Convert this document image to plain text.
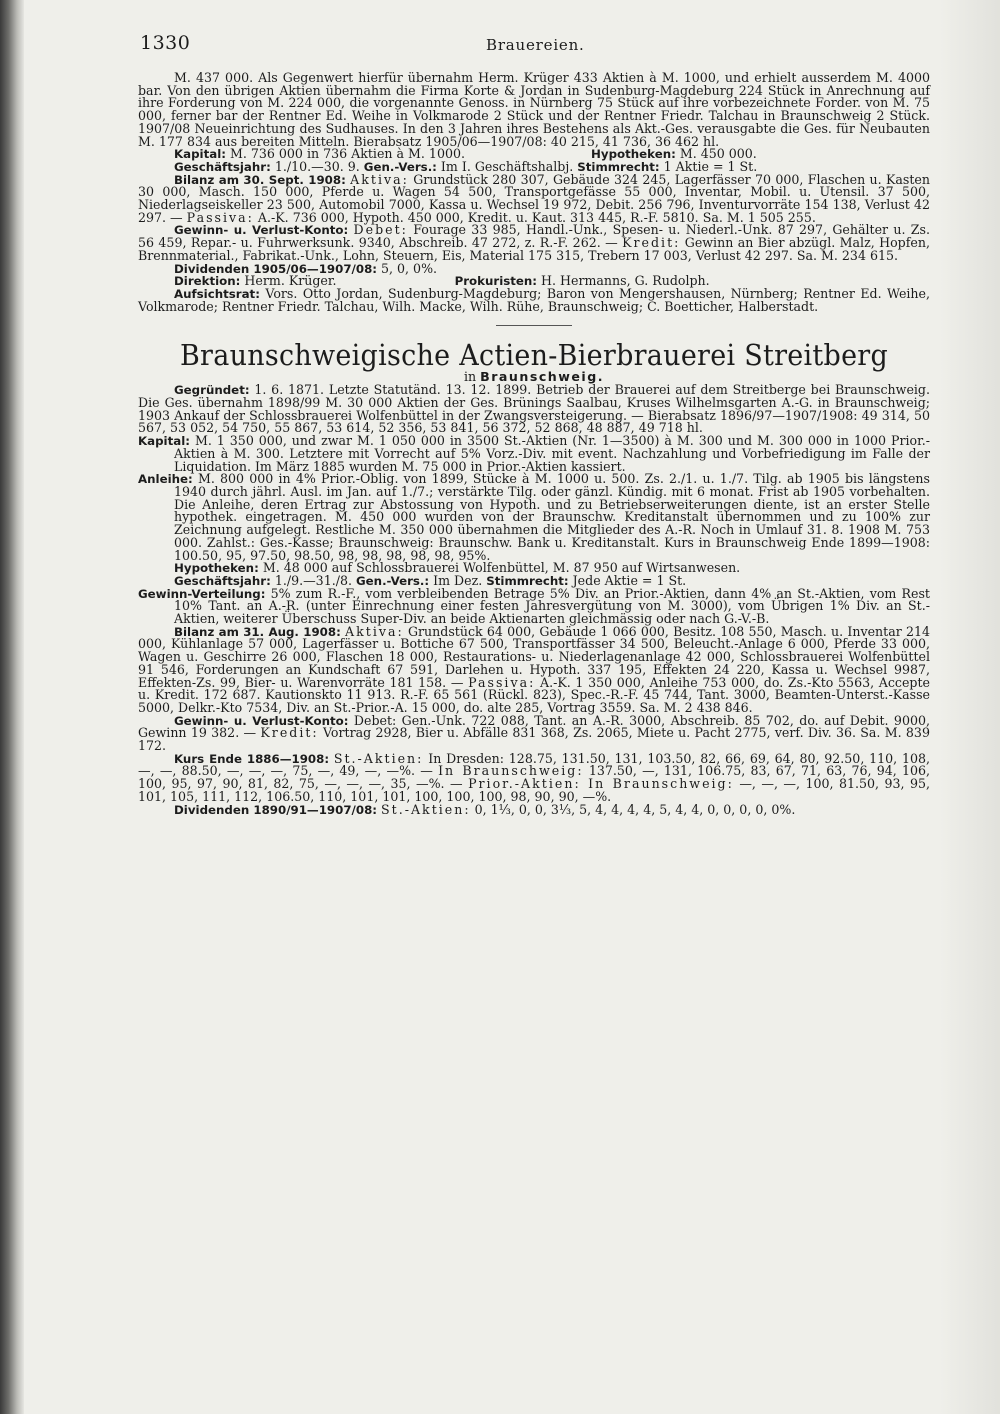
1330	Brauereien.

M. 437 000. Als Gegenwert hierfür übernahm Herm. Krüger 433 Aktien à M. 1000, und erhielt ausserdem M. 4000 bar. Von den übrigen Aktien übernahm die Firma Korte & Jordan in Sudenburg-Magdeburg 224 Stück in Anrechnung auf ihre Forderung von M. 224 000, die vorgenannte Genoss. in Nürnberg 75 Stück auf ihre vorbezeichnete Forder. von M. 75 000, ferner bar der Rentner Ed. Weihe in Volkmarode 2 Stück und der Rentner Friedr. Talchau in Braunschweig 2 Stück. 1907/08 Neueinrichtung des Sudhauses. In den 3 Jahren ihres Bestehens als Akt.-Ges. verausgabte die Ges. für Neubauten M. 177 834 aus bereiten Mitteln. Bierabsatz 1905/06—1907/08: 40 215, 41 736, 36 462 hl.

Kapital: M. 736 000 in 736 Aktien à M. 1000.	Hypotheken: M. 450 000.

Geschäftsjahr: 1./10.—30. 9. Gen.-Vers.: Im I. Geschäftshalbj. Stimmrecht: 1 Aktie = 1 St.

Bilanz am 30. Sept. 1908: Aktiva: Grundstück 280 307, Gebäude 324 245, Lagerfässer 70 000, Flaschen u. Kasten 30 000, Masch. 150 000, Pferde u. Wagen 54 500, Transportgefässe 55 000, Inventar, Mobil. u. Utensil. 37 500, Niederlagseiskeller 23 500, Automobil 7000, Kassa u. Wechsel 19 972, Debit. 256 796, Inventurvorräte 154 138, Verlust 42 297. — Passiva: A.-K. 736 000, Hypoth. 450 000, Kredit. u. Kaut. 313 445, R.-F. 5810. Sa. M. 1 505 255.

Gewinn- u. Verlust-Konto: Debet: Fourage 33 985, Handl.-Unk., Spesen- u. Niederl.-Unk. 87 297, Gehälter u. Zs. 56 459, Repar.- u. Fuhrwerksunk. 9340, Abschreib. 47 272, z. R.-F. 262. — Kredit: Gewinn an Bier abzügl. Malz, Hopfen, Brennmaterial., Fabrikat.-Unk., Lohn, Steuern, Eis, Material 175 315, Trebern 17 003, Verlust 42 297. Sa. M. 234 615.

Dividenden 1905/06—1907/08: 5, 0, 0%.

Direktion: Herm. Krüger.	Prokuristen: H. Hermanns, G. Rudolph.

Aufsichtsrat: Vors. Otto Jordan, Sudenburg-Magdeburg; Baron von Mengershausen, Nürnberg; Rentner Ed. Weihe, Volkmarode; Rentner Friedr. Talchau, Wilh. Macke, Wilh. Rühe, Braunschweig; C. Boetticher, Halberstadt.

Braunschweigische Actien-Bierbrauerei Streitberg

in Braunschweig.

Gegründet: 1. 6. 1871. Letzte Statutänd. 13. 12. 1899. Betrieb der Brauerei auf dem Streitberge bei Braunschweig. Die Ges. übernahm 1898/99 M. 30 000 Aktien der Ges. Brünings Saalbau, Kruses Wilhelmsgarten A.-G. in Braunschweig; 1903 Ankauf der Schlossbrauerei Wolfenbüttel in der Zwangsversteigerung. — Bierabsatz 1896/97—1907/1908: 49 314, 50 567, 53 052, 54 750, 55 867, 53 614, 52 356, 53 841, 56 372, 52 868, 48 887, 49 718 hl.

Kapital: M. 1 350 000, und zwar M. 1 050 000 in 3500 St.-Aktien (Nr. 1—3500) à M. 300 und M. 300 000 in 1000 Prior.-Aktien à M. 300. Letztere mit Vorrecht auf 5% Vorz.-Div. mit event. Nachzahlung und Vorbefriedigung im Falle der Liquidation. Im März 1885 wurden M. 75 000 in Prior.-Aktien kassiert.

Anleihe: M. 800 000 in 4% Prior.-Oblig. von 1899, Stücke à M. 1000 u. 500. Zs. 2./1. u. 1./7. Tilg. ab 1905 bis längstens 1940 durch jährl. Ausl. im Jan. auf 1./7.; verstärkte Tilg. oder gänzl. Kündig. mit 6 monat. Frist ab 1905 vorbehalten. Die Anleihe, deren Ertrag zur Abstossung von Hypoth. und zu Betriebserweiterungen diente, ist an erster Stelle hypothek. eingetragen. M. 450 000 wurden von der Braunschw. Kreditanstalt übernommen und zu 100% zur Zeichnung aufgelegt. Restliche M. 350 000 übernahmen die Mitglieder des A.-R. Noch in Umlauf 31. 8. 1908 M. 753 000. Zahlst.: Ges.-Kasse; Braunschweig: Braunschw. Bank u. Kreditanstalt. Kurs in Braunschweig Ende 1899—1908: 100.50, 95, 97.50, 98.50, 98, 98, 98, 98, 98, 95%.

Hypotheken: M. 48 000 auf Schlossbrauerei Wolfenbüttel, M. 87 950 auf Wirtsanwesen.

Geschäftsjahr: 1./9.—31./8. Gen.-Vers.: Im Dez. Stimmrecht: Jede Aktie = 1 St.

Gewinn-Verteilung: 5% zum R.-F., vom verbleibenden Betrage 5% Div. an Prior.-Aktien, dann 4% an St.-Aktien, vom Rest 10% Tant. an A.-R. (unter Einrechnung einer festen Jahresvergütung von M. 3000), vom Übrigen 1% Div. an St.-Aktien, weiterer Überschuss Super-Div. an beide Aktienarten gleichmässig oder nach G.-V.-B.

Bilanz am 31. Aug. 1908: Aktiva: Grundstück 64 000, Gebäude 1 066 000, Besitz. 108 550, Masch. u. Inventar 214 000, Kühlanlage 57 000, Lagerfässer u. Bottiche 67 500, Transportfässer 34 500, Beleucht.-Anlage 6 000, Pferde 33 000, Wagen u. Geschirre 26 000, Flaschen 18 000, Restaurations- u. Niederlagenanlage 42 000, Schlossbrauerei Wolfenbüttel 91 546, Forderungen an Kundschaft 67 591, Darlehen u. Hypoth. 337 195, Effekten 24 220, Kassa u. Wechsel 9987, Effekten-Zs. 99, Bier- u. Warenvorräte 181 158. — Passiva: A.-K. 1 350 000, Anleihe 753 000, do. Zs.-Kto 5563, Accepte u. Kredit. 172 687. Kautionskto 11 913. R.-F. 65 561 (Rückl. 823), Spec.-R.-F. 45 744, Tant. 3000, Beamten-Unterst.-Kasse 5000, Delkr.-Kto 7534, Div. an St.-Prior.-A. 15 000, do. alte 285, Vortrag 3559. Sa. M. 2 438 846.

Gewinn- u. Verlust-Konto: Debet: Gen.-Unk. 722 088, Tant. an A.-R. 3000, Abschreib. 85 702, do. auf Debit. 9000, Gewinn 19 382. — Kredit: Vortrag 2928, Bier u. Abfälle 831 368, Zs. 2065, Miete u. Pacht 2775, verf. Div. 36. Sa. M. 839 172.

Kurs Ende 1886—1908: St.-Aktien: In Dresden: 128.75, 131.50, 131, 103.50, 82, 66, 69, 64, 80, 92.50, 110, 108, —, —, 88.50, —, —, —, 75, —, 49, —, —%. — In Braunschweig: 137.50, —, 131, 106.75, 83, 67, 71, 63, 76, 94, 106, 100, 95, 97, 90, 81, 82, 75, —, —, —, 35, —%. — Prior.-Aktien: In Braunschweig: —, —, —, 100, 81.50, 93, 95, 101, 105, 111, 112, 106.50, 110, 101, 101, 100, 100, 100, 98, 90, 90, —%.

Dividenden 1890/91—1907/08: St.-Aktien: 0, 1⅓, 0, 0, 3⅓, 5, 4, 4, 4, 4, 5, 4, 4, 0, 0, 0, 0, 0%.
